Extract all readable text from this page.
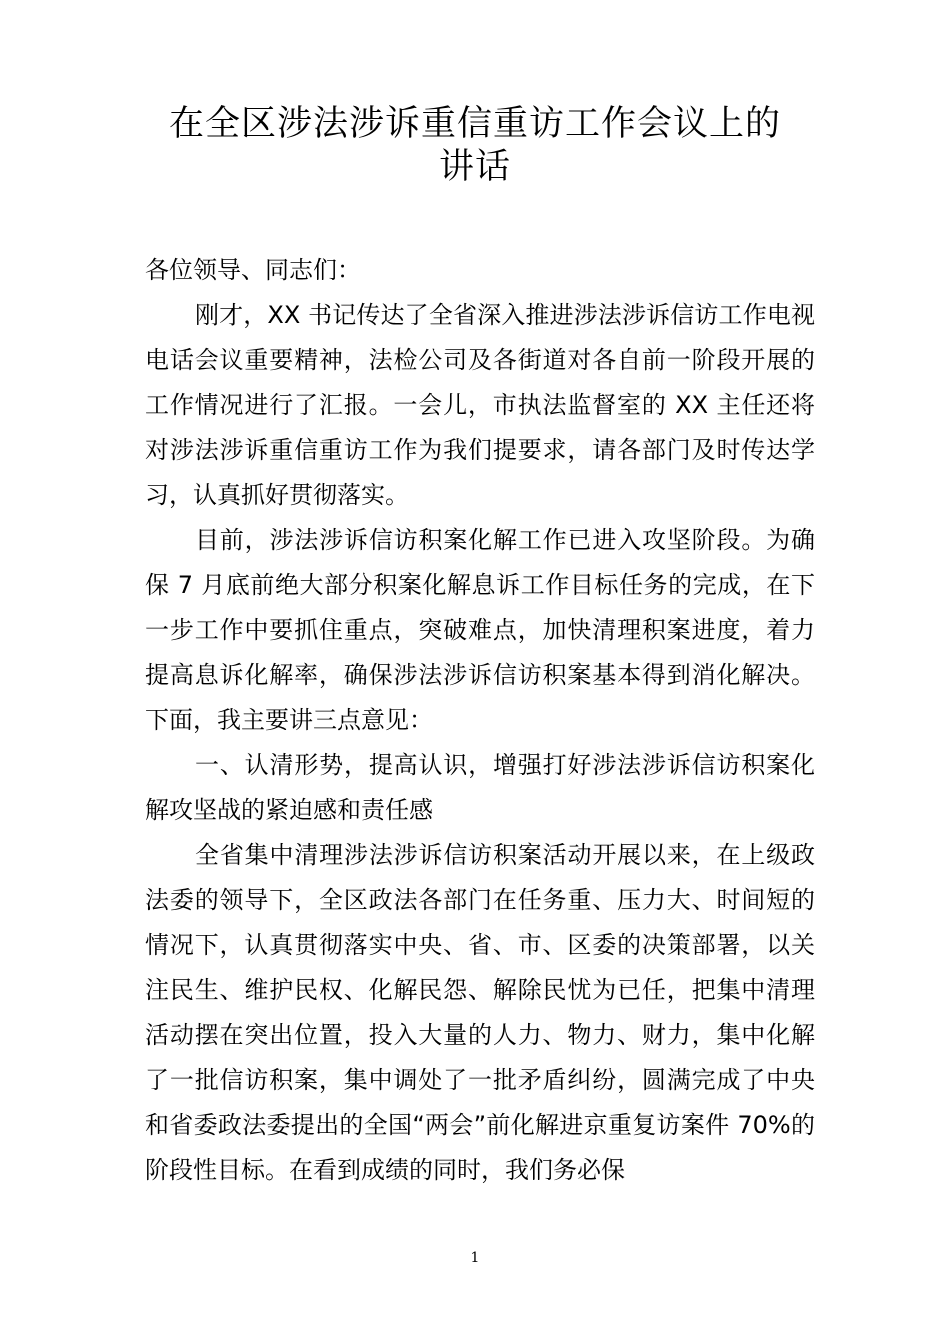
在全区涉法涉诉重信重访工作会议上的
讲话

各位领导、同志们：

刚才，XX 书记传达了全省深入推进涉法涉诉信访工作电视电话会议重要精神，法检公司及各街道对各自前一阶段开展的工作情况进行了汇报。一会儿，市执法监督室的 XX 主任还将对涉法涉诉重信重访工作为我们提要求，请各部门及时传达学习，认真抓好贯彻落实。

目前，涉法涉诉信访积案化解工作已进入攻坚阶段。为确保 7 月底前绝大部分积案化解息诉工作目标任务的完成，在下一步工作中要抓住重点，突破难点，加快清理积案进度，着力提高息诉化解率，确保涉法涉诉信访积案基本得到消化解决。下面，我主要讲三点意见：

一、认清形势，提高认识，增强打好涉法涉诉信访积案化解攻坚战的紧迫感和责任感

全省集中清理涉法涉诉信访积案活动开展以来，在上级政法委的领导下，全区政法各部门在任务重、压力大、时间短的情况下，认真贯彻落实中央、省、市、区委的决策部署，以关注民生、维护民权、化解民怨、解除民忧为已任，把集中清理活动摆在突出位置，投入大量的人力、物力、财力，集中化解了一批信访积案，集中调处了一批矛盾纠纷，圆满完成了中央和省委政法委提出的全国“两会”前化解进京重复访案件 70%的阶段性目标。在看到成绩的同时，我们务必保

1
